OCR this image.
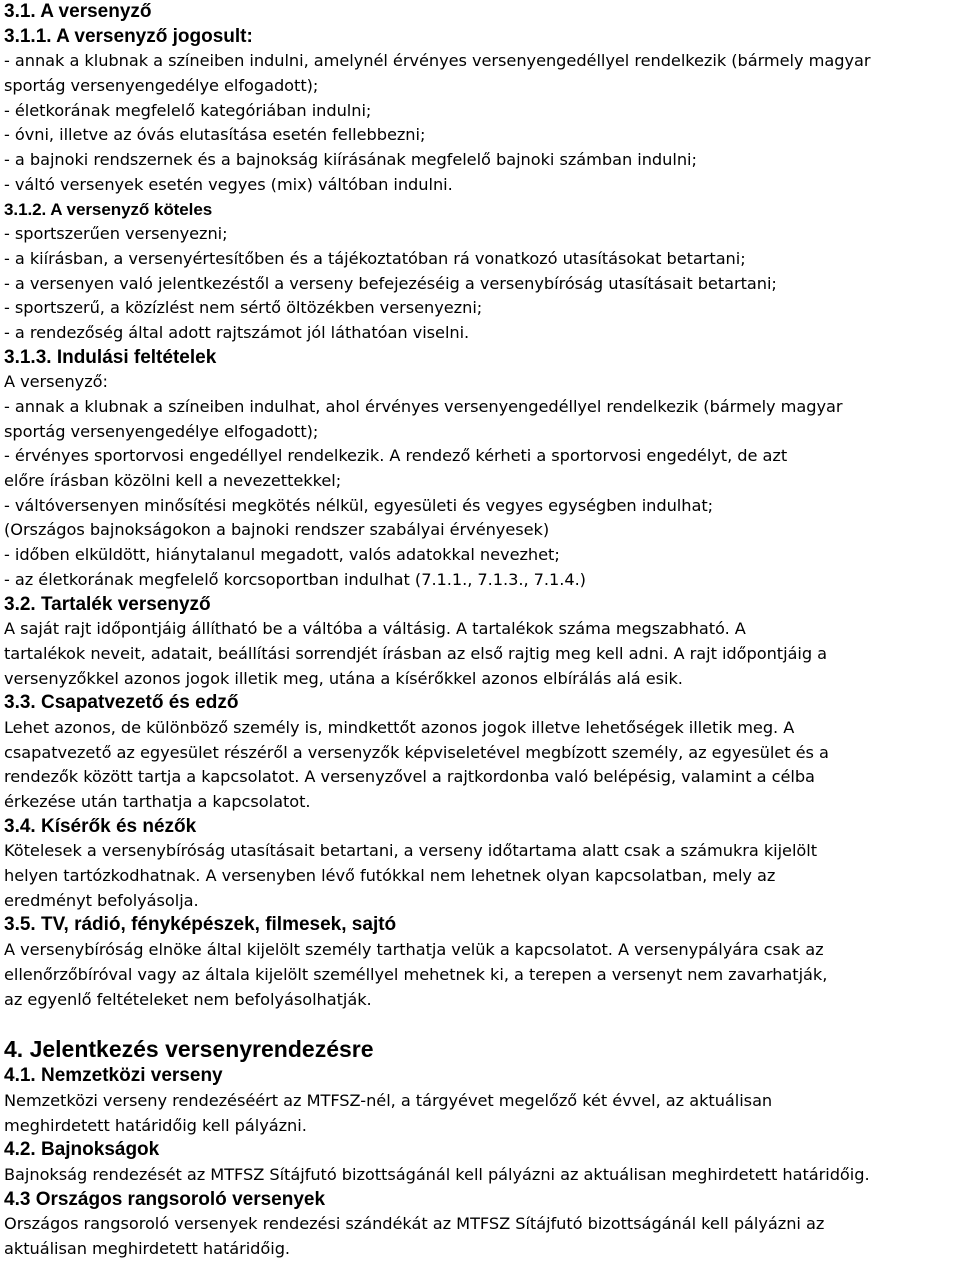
3.1. A versenyző
3.1.1. A versenyző jogosult:
- annak a klubnak a színeiben indulni, amelynél érvényes versenyengedéllyel rendelkezik (bármely magyar
sportág versenyengedélye elfogadott);
- életkorának megfelelő kategóriában indulni;
- óvni, illetve az óvás elutasítása esetén fellebbezni;
- a bajnoki rendszernek és a bajnokság kiírásának megfelelő bajnoki számban indulni;
- váltó versenyek esetén vegyes (mix) váltóban indulni.
3.1.2. A versenyző köteles
- sportszerűen versenyezni;
- a kiírásban, a versenyértesítőben és a tájékoztatóban rá vonatkozó utasításokat betartani;
- a versenyen való jelentkezéstől a verseny befejezéséig a versenybíróság utasításait betartani;
- sportszerű, a közízlést nem sértő öltözékben versenyezni;
- a rendezőség által adott rajtszámot jól láthatóan viselni.
3.1.3. Indulási feltételek
A versenyző:
- annak a klubnak a színeiben indulhat, ahol érvényes versenyengedéllyel rendelkezik (bármely magyar
sportág versenyengedélye elfogadott);
- érvényes sportorvosi engedéllyel rendelkezik. A rendező kérheti a sportorvosi engedélyt, de azt
előre írásban közölni kell a nevezettekkel;
- váltóversenyen minősítési megkötés nélkül, egyesületi és vegyes egységben indulhat;
(Országos bajnokságokon a bajnoki rendszer szabályai érvényesek)
- időben elküldött, hiánytalanul megadott, valós adatokkal nevezhet;
- az életkorának megfelelő korcsoportban indulhat (7.1.1., 7.1.3., 7.1.4.)
3.2. Tartalék versenyző
A saját rajt időpontjáig állítható be a váltóba a váltásig. A tartalékok száma megszabható. A
tartalékok neveit, adatait, beállítási sorrendjét írásban az első rajtig meg kell adni. A rajt időpontjáig a
versenyzőkkel azonos jogok illetik meg, utána a kísérőkkel azonos elbírálás alá esik.
3.3. Csapatvezető és edző
Lehet azonos, de különböző személy is, mindkettőt azonos jogok illetve lehetőségek illetik meg. A
csapatvezető az egyesület részéről a versenyzők képviseletével megbízott személy, az egyesület és a
rendezők között tartja a kapcsolatot. A versenyzővel a rajtkordonba való belépésig, valamint a célba
érkezése után tarthatja a kapcsolatot.
3.4. Kísérők és nézők
Kötelesek a versenybíróság utasításait betartani, a verseny időtartama alatt csak a számukra kijelölt
helyen tartózkodhatnak. A versenyben lévő futókkal nem lehetnek olyan kapcsolatban, mely az
eredményt befolyásolja.
3.5. TV, rádió, fényképészek, filmesek, sajtó
A versenybíróság elnöke által kijelölt személy tarthatja velük a kapcsolatot. A versenypályára csak az
ellenőrzőbíróval vagy az általa kijelölt személlyel mehetnek ki, a terepen a versenyt nem zavarhatják,
az egyenlő feltételeket nem befolyásolhatják.
4. Jelentkezés versenyrendezésre
4.1. Nemzetközi verseny
Nemzetközi verseny rendezéséért az MTFSZ-nél, a tárgyévet megelőző két évvel, az aktuálisan
meghirdetett határidőig kell pályázni.
4.2. Bajnokságok
Bajnokság rendezését az MTFSZ Sítájfutó bizottságánál kell pályázni az aktuálisan meghirdetett határidőig.
4.3 Országos rangsoroló versenyek
Országos rangsoroló versenyek rendezési szándékát az MTFSZ Sítájfutó bizottságánál kell pályázni az
aktuálisan meghirdetett határidőig.
